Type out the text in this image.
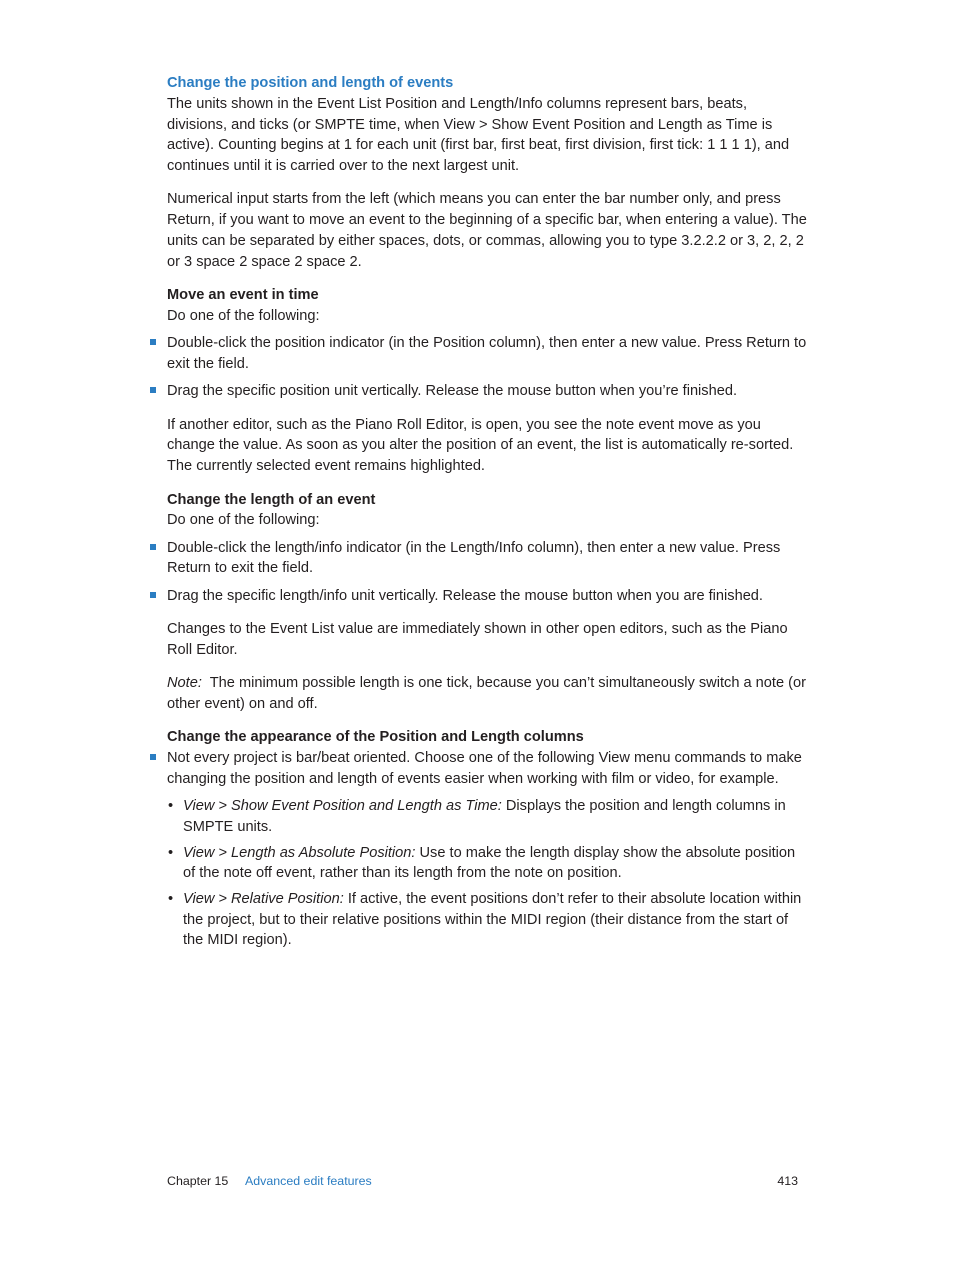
Change the position and length of events

The units shown in the Event List Position and Length/Info columns represent bars, beats, divisions, and ticks (or SMPTE time, when View > Show Event Position and Length as Time is active). Counting begins at 1 for each unit (first bar, first beat, first division, first tick: 1 1 1 1), and continues until it is carried over to the next largest unit.

Numerical input starts from the left (which means you can enter the bar number only, and press Return, if you want to move an event to the beginning of a specific bar, when entering a value). The units can be separated by either spaces, dots, or commas, allowing you to type 3.2.2.2 or 3, 2, 2, 2 or 3 space 2 space 2 space 2.

Move an event in time

Do one of the following:

Double-click the position indicator (in the Position column), then enter a new value. Press Return to exit the field.

Drag the specific position unit vertically. Release the mouse button when you’re finished.

If another editor, such as the Piano Roll Editor, is open, you see the note event move as you change the value. As soon as you alter the position of an event, the list is automatically re-sorted. The currently selected event remains highlighted.

Change the length of an event

Do one of the following:

Double-click the length/info indicator (in the Length/Info column), then enter a new value. Press Return to exit the field.

Drag the specific length/info unit vertically. Release the mouse button when you are finished.

Changes to the Event List value are immediately shown in other open editors, such as the Piano Roll Editor.

Note: The minimum possible length is one tick, because you can’t simultaneously switch a note (or other event) on and off.

Change the appearance of the Position and Length columns

Not every project is bar/beat oriented. Choose one of the following View menu commands to make changing the position and length of events easier when working with film or video, for example.

• View > Show Event Position and Length as Time: Displays the position and length columns in SMPTE units.

• View > Length as Absolute Position: Use to make the length display show the absolute position of the note off event, rather than its length from the note on position.

• View > Relative Position: If active, the event positions don’t refer to their absolute location within the project, but to their relative positions within the MIDI region (their distance from the start of the MIDI region).

Chapter 15 Advanced edit features	413
